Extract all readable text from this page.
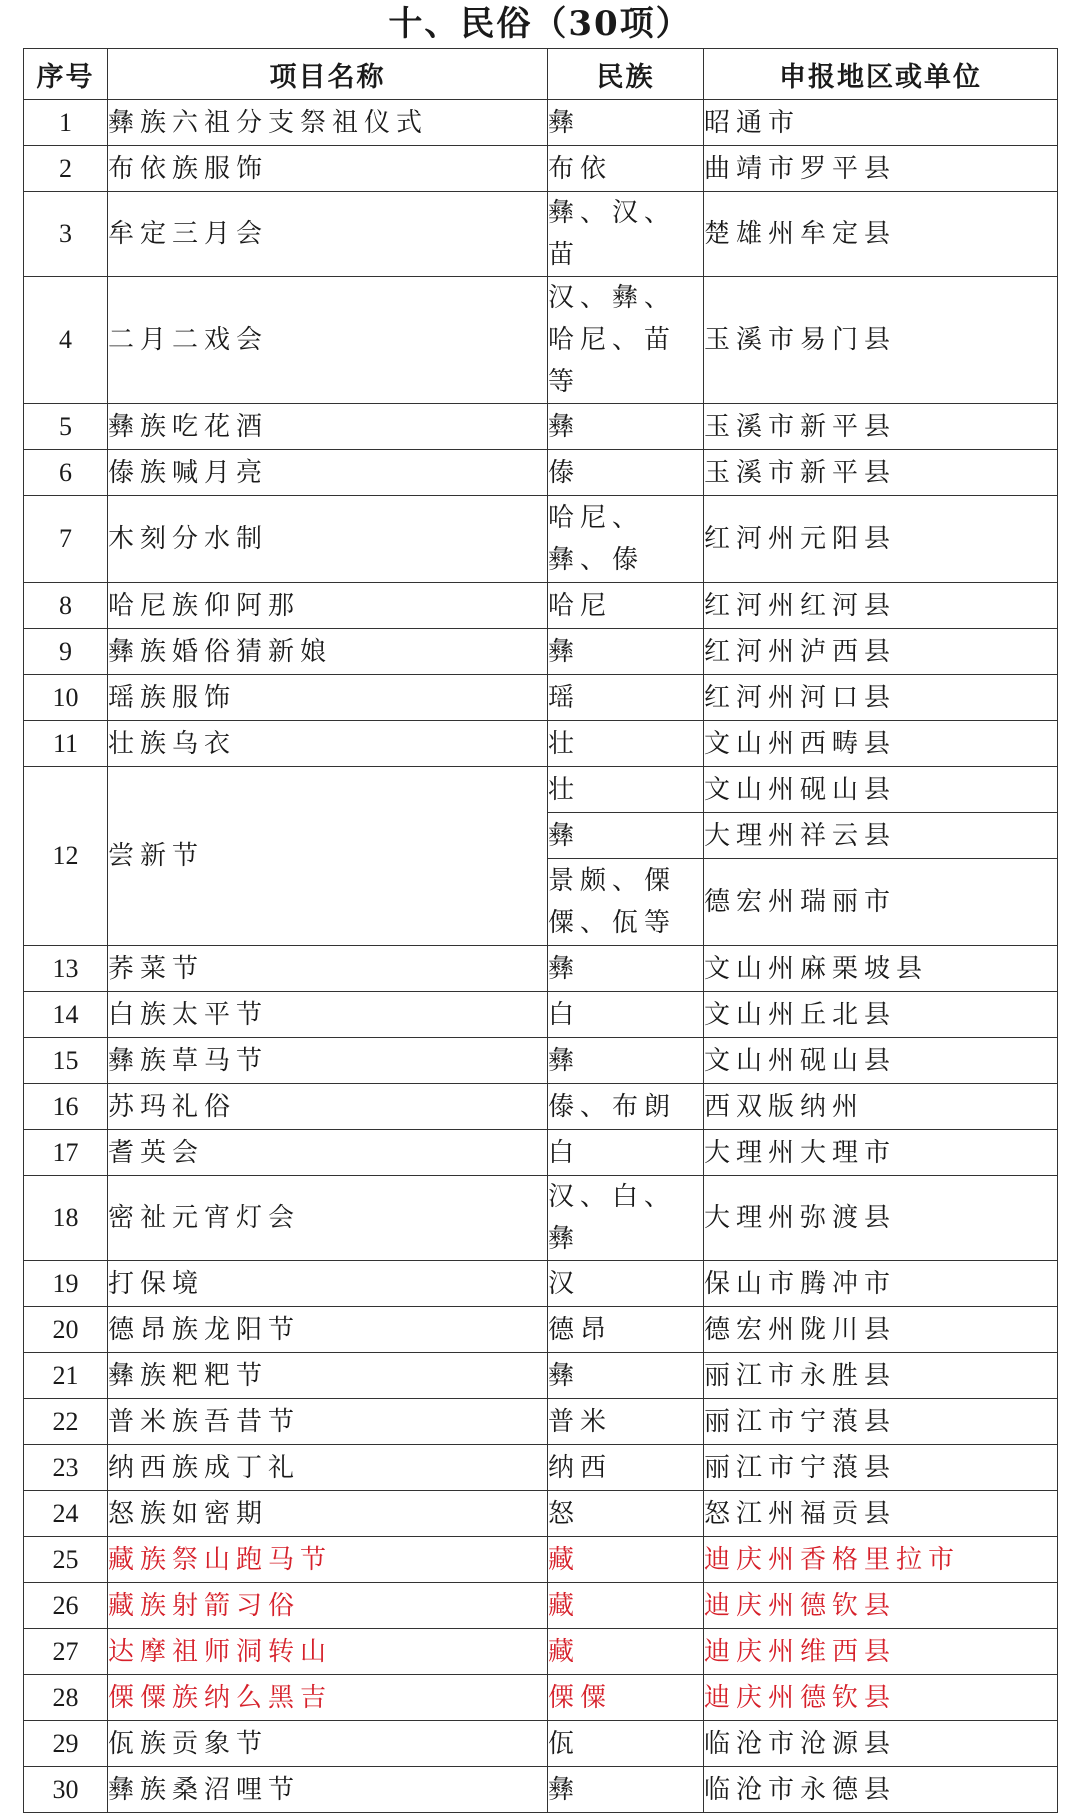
十、民俗（30项）
序号	项目名称	民族	申报地区或单位
1	彝族六祖分支祭祖仪式	彝	昭通市
2	布依族服饰	布依	曲靖市罗平县
3	牟定三月会	彝、汉、苗	楚雄州牟定县
4	二月二戏会	汉、彝、哈尼、苗等	玉溪市易门县
5	彝族吃花酒	彝	玉溪市新平县
6	傣族喊月亮	傣	玉溪市新平县
7	木刻分水制	哈尼、彝、傣	红河州元阳县
8	哈尼族仰阿那	哈尼	红河州红河县
9	彝族婚俗猜新娘	彝	红河州泸西县
10	瑶族服饰	瑶	红河州河口县
11	壮族乌衣	壮	文山州西畴县
12	尝新节	壮	文山州砚山县
		彝	大理州祥云县
		景颇、傈僳、佤等	德宏州瑞丽市
13	荞菜节	彝	文山州麻栗坡县
14	白族太平节	白	文山州丘北县
15	彝族草马节	彝	文山州砚山县
16	苏玛礼俗	傣、布朗	西双版纳州
17	耆英会	白	大理州大理市
18	密祉元宵灯会	汉、白、彝	大理州弥渡县
19	打保境	汉	保山市腾冲市
20	德昂族龙阳节	德昂	德宏州陇川县
21	彝族粑粑节	彝	丽江市永胜县
22	普米族吾昔节	普米	丽江市宁蒗县
23	纳西族成丁礼	纳西	丽江市宁蒗县
24	怒族如密期	怒	怒江州福贡县
25	藏族祭山跑马节	藏	迪庆州香格里拉市
26	藏族射箭习俗	藏	迪庆州德钦县
27	达摩祖师洞转山	藏	迪庆州维西县
28	傈僳族纳么黑吉	傈僳	迪庆州德钦县
29	佤族贡象节	佤	临沧市沧源县
30	彝族桑沼哩节	彝	临沧市永德县
